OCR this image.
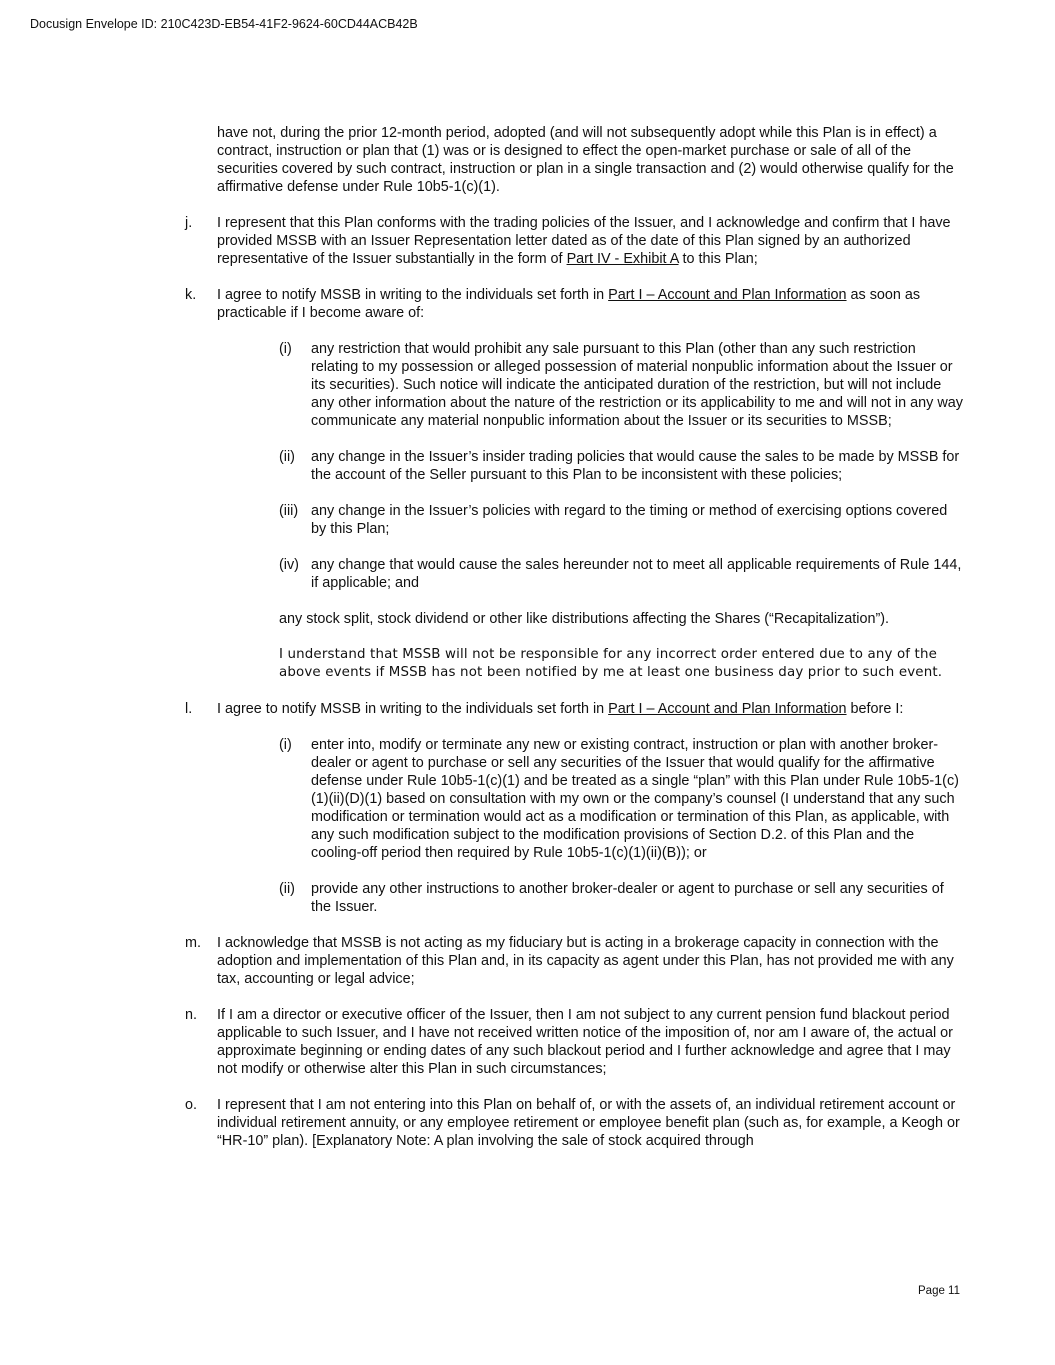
Docusign Envelope ID: 210C423D-EB54-41F2-9624-60CD44ACB42B
have not, during the prior 12-month period, adopted (and will not subsequently adopt while this Plan is in effect) a contract, instruction or plan that (1) was or is designed to effect the open-market purchase or sale of all of the securities covered by such contract, instruction or plan in a single transaction and (2) would otherwise qualify for the affirmative defense under Rule 10b5-1(c)(1).
j. I represent that this Plan conforms with the trading policies of the Issuer, and I acknowledge and confirm that I have provided MSSB with an Issuer Representation letter dated as of the date of this Plan signed by an authorized representative of the Issuer substantially in the form of Part IV - Exhibit A to this Plan;
k. I agree to notify MSSB in writing to the individuals set forth in Part I – Account and Plan Information as soon as practicable if I become aware of:
(i) any restriction that would prohibit any sale pursuant to this Plan (other than any such restriction relating to my possession or alleged possession of material nonpublic information about the Issuer or its securities). Such notice will indicate the anticipated duration of the restriction, but will not include any other information about the nature of the restriction or its applicability to me and will not in any way communicate any material nonpublic information about the Issuer or its securities to MSSB;
(ii) any change in the Issuer’s insider trading policies that would cause the sales to be made by MSSB for the account of the Seller pursuant to this Plan to be inconsistent with these policies;
(iii) any change in the Issuer’s policies with regard to the timing or method of exercising options covered by this Plan;
(iv) any change that would cause the sales hereunder not to meet all applicable requirements of Rule 144, if applicable; and
any stock split, stock dividend or other like distributions affecting the Shares (“Recapitalization”).
I understand that MSSB will not be responsible for any incorrect order entered due to any of the above events if MSSB has not been notified by me at least one business day prior to such event.
l. I agree to notify MSSB in writing to the individuals set forth in Part I – Account and Plan Information before I:
(i) enter into, modify or terminate any new or existing contract, instruction or plan with another broker-dealer or agent to purchase or sell any securities of the Issuer that would qualify for the affirmative defense under Rule 10b5-1(c)(1) and be treated as a single “plan” with this Plan under Rule 10b5-1(c)(1)(ii)(D)(1) based on consultation with my own or the company’s counsel (I understand that any such modification or termination would act as a modification or termination of this Plan, as applicable, with any such modification subject to the modification provisions of Section D.2. of this Plan and the cooling-off period then required by Rule 10b5-1(c)(1)(ii)(B)); or
(ii) provide any other instructions to another broker-dealer or agent to purchase or sell any securities of the Issuer.
m. I acknowledge that MSSB is not acting as my fiduciary but is acting in a brokerage capacity in connection with the adoption and implementation of this Plan and, in its capacity as agent under this Plan, has not provided me with any tax, accounting or legal advice;
n. If I am a director or executive officer of the Issuer, then I am not subject to any current pension fund blackout period applicable to such Issuer, and I have not received written notice of the imposition of, nor am I aware of, the actual or approximate beginning or ending dates of any such blackout period and I further acknowledge and agree that I may not modify or otherwise alter this Plan in such circumstances;
o. I represent that I am not entering into this Plan on behalf of, or with the assets of, an individual retirement account or individual retirement annuity, or any employee retirement or employee benefit plan (such as, for example, a Keogh or “HR-10” plan). [Explanatory Note: A plan involving the sale of stock acquired through
Page 11
